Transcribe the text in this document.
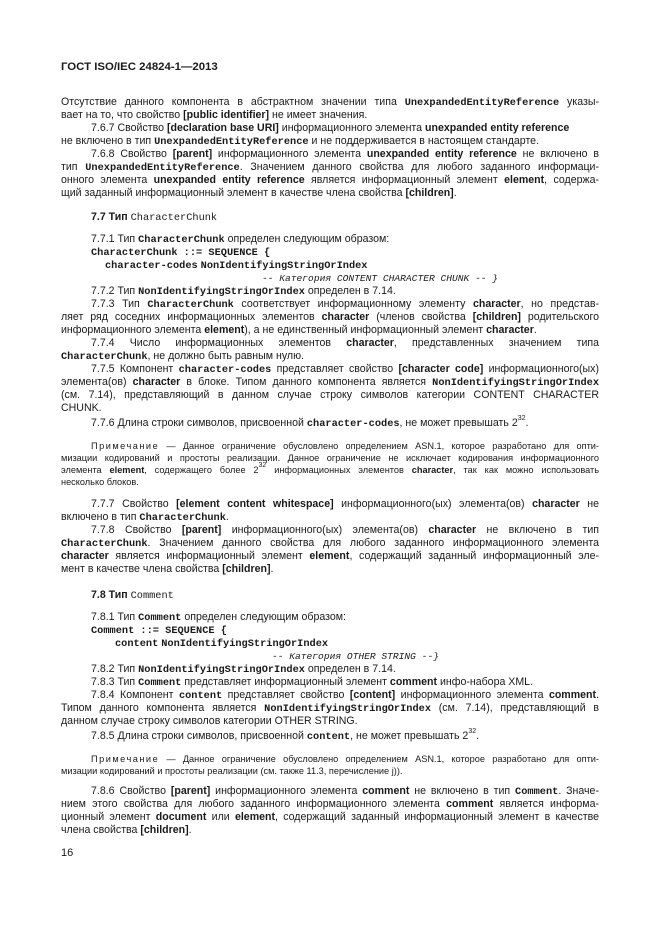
ГОСТ ISO/IEC 24824-1—2013
Отсутствие данного компонента в абстрактном значении типа UnexpandedEntityReference указы-
вает на то, что свойство [public identifier] не имеет значения.
7.6.7 Свойство [declaration base URI] информационного элемента unexpanded entity reference
не включено в тип UnexpandedEntityReference и не поддерживается в настоящем стандарте.
7.6.8 Свойство [parent] информационного элемента unexpanded entity reference не включено в
тип UnexpandedEntityReference. Значением данного свойства для любого заданного информаци-
онного элемента unexpanded entity reference является информационный элемент element, содержа-
щий заданный информационный элемент в качестве члена свойства [children].
7.7 Тип CharacterChunk
7.7.1 Тип CharacterChunk определен следующим образом:
CharacterChunk ::= SEQUENCE {
character-codes NonIdentifyingStringOrIndex
-- Категория CONTENT CHARACTER CHUNK -- }
7.7.2 Тип NonIdentifyingStringOrIndex определен в 7.14.
7.7.3 Тип CharacterChunk соответствует информационному элементу character, но представ-
ляет ряд соседних информационных элементов character (членов свойства [children] родительского
информационного элемента element), а не единственный информационный элемент character.
7.7.4 Число информационных элементов character, представленных значением типа
CharacterChunk, не должно быть равным нулю.
7.7.5 Компонент character-codes представляет свойство [character code] информационного(ых)
элемента(ов) character в блоке. Типом данного компонента является NonIdentifyingStringOrIndex
(см. 7.14), представляющий в данном случае строку символов категории CONTENT CHARACTER
CHUNK.
7.7.6 Длина строки символов, присвоенной character-codes, не может превышать $2^{32}$.
Примечание — Данное ограничение обусловлено определением ASN.1, которое разработано для опти-
мизации кодирований и простоты реализации. Данное ограничение не исключает кодирования информационного
элемента element, содержащего более $2^{32}$ информационных элементов character, так как можно использовать
несколько блоков.
7.7.7 Свойство [element content whitespace] информационного(ых) элемента(ов) character не
включено в тип CharacterChunk.
7.7.8 Свойство [parent] информационного(ых) элемента(ов) character не включено в тип
CharacterChunk. Значением данного свойства для любого заданного информационного элемента
character является информационный элемент element, содержащий заданный информационный эле-
мент в качестве члена свойства [children].
7.8 Тип Comment
7.8.1 Тип Comment определен следующим образом:
Comment ::= SEQUENCE {
content NonIdentifyingStringOrIndex
-- Категория OTHER STRING --}
7.8.2 Тип NonIdentifyingStringOrIndex определен в 7.14.
7.8.3 Тип Comment представляет информационный элемент comment инфо-набора XML.
7.8.4 Компонент content представляет свойство [content] информационного элемента comment.
Типом данного компонента является NonIdentifyingStringOrIndex (см. 7.14), представляющий в
данном случае строку символов категории OTHER STRING.
7.8.5 Длина строки символов, присвоенной content, не может превышать $2^{32}$.
Примечание — Данное ограничение обусловлено определением ASN.1, которое разработано для опти-
мизации кодирований и простоты реализации (см. также 11.3, перечисление j)).
7.8.6 Свойство [parent] информационного элемента comment не включено в тип Comment. Значе-
нием этого свойства для любого заданного информационного элемента comment является информа-
ционный элемент document или element, содержащий заданный информационный элемент в качестве
члена свойства [children].
16
